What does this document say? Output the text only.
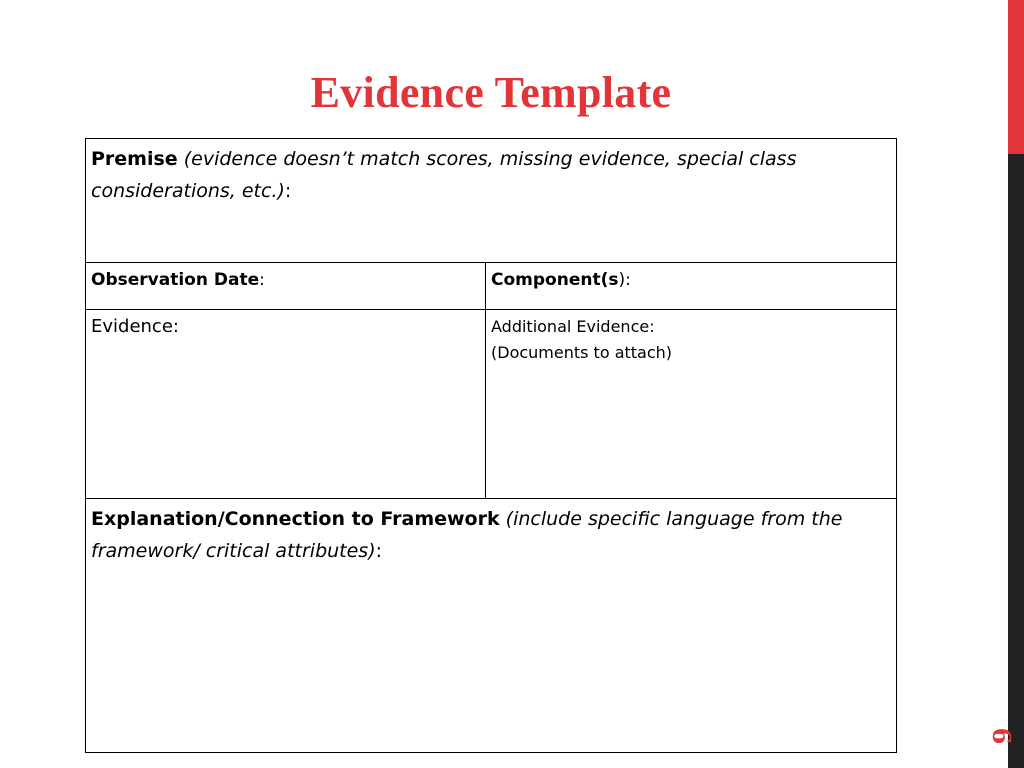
6
Evidence Template
Premise (evidence doesn’t match scores, missing evidence, special class considerations, etc.):	
Observation Date:	Component(s):
Evidence:	Additional Evidence:
(Documents to attach)

Explanation/Connection to Framework (include specific language from the framework/ critical attributes):	
